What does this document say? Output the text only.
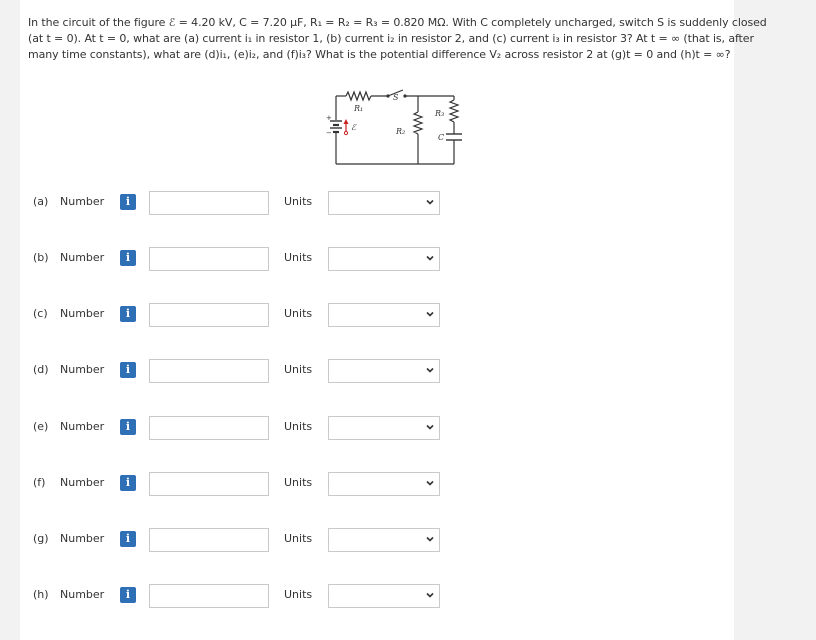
In the circuit of the figure ℰ = 4.20 kV, C = 7.20 μF, R₁ = R₂ = R₃ = 0.820 MΩ. With C completely uncharged, switch S is suddenly closed
(at t = 0). At t = 0, what are (a) current i₁ in resistor 1, (b) current i₂ in resistor 2, and (c) current i₃ in resistor 3? At t = ∞ (that is, after
many time constants), what are (d)i₁, (e)i₂, and (f)i₃? What is the potential difference V₂ across resistor 2 at (g)t = 0 and (h)t = ∞?
R₁
S
R₂
R₃
C
ℰ
+
−
(a) Number	i	Units
(b) Number	i	Units
(c) Number	i	Units
(d) Number	i	Units
(e) Number	i	Units
(f) Number	i	Units
(g) Number	i	Units
(h) Number	i	Units
